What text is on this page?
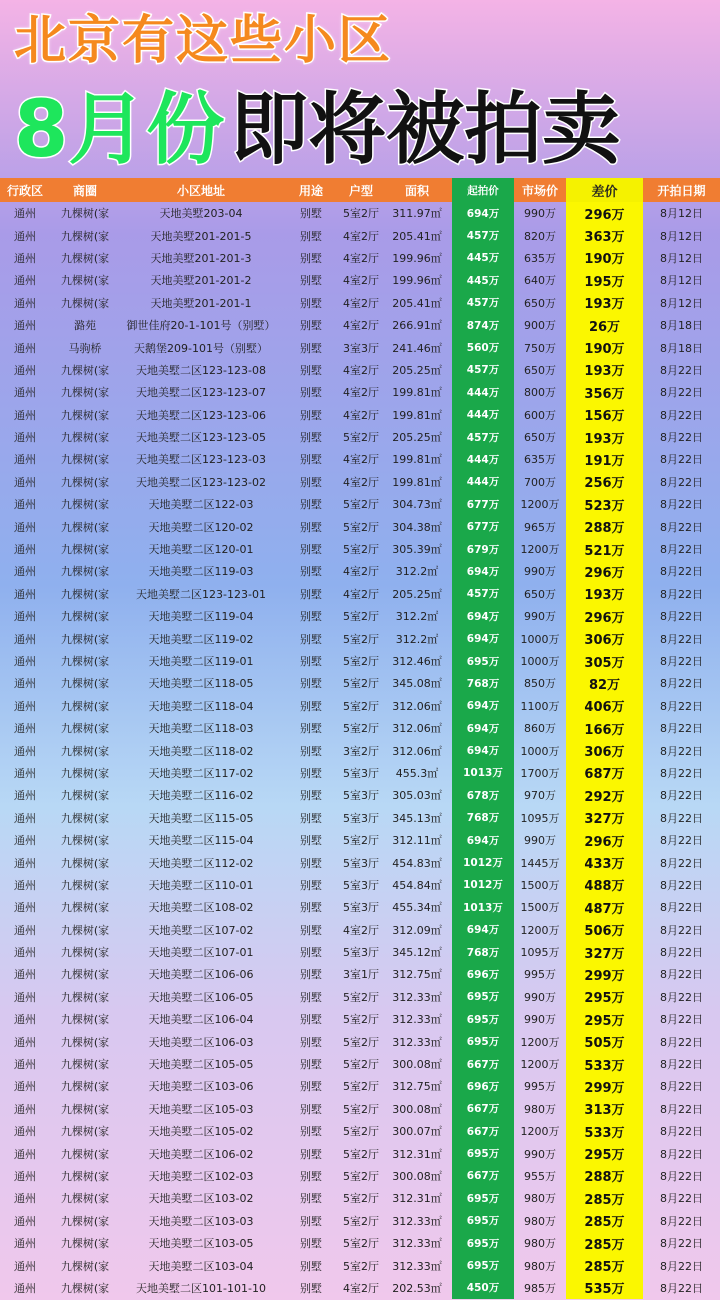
北京有这些小区
8月份 即将被拍卖
行政区	商圈	小区地址	用途	户型	面积	起拍价	市场价	差价	开拍日期
通州	九棵树(家	天地美墅203-04	别墅	5室2厅	311.97㎡	694万	990万	296万	8月12日
通州	九棵树(家	天地美墅201-201-5	别墅	4室2厅	205.41㎡	457万	820万	363万	8月12日
通州	九棵树(家	天地美墅201-201-3	别墅	4室2厅	199.96㎡	445万	635万	190万	8月12日
通州	九棵树(家	天地美墅201-201-2	别墅	4室2厅	199.96㎡	445万	640万	195万	8月12日
通州	九棵树(家	天地美墅201-201-1	别墅	4室2厅	205.41㎡	457万	650万	193万	8月12日
通州	潞苑	御世佳府20-1-101号（别墅）	别墅	4室2厅	266.91㎡	874万	900万	26万	8月18日
通州	马驹桥	天鹅堡209-101号（别墅）	别墅	3室3厅	241.46㎡	560万	750万	190万	8月18日
通州	九棵树(家	天地美墅二区123-123-08	别墅	4室2厅	205.25㎡	457万	650万	193万	8月22日
通州	九棵树(家	天地美墅二区123-123-07	别墅	4室2厅	199.81㎡	444万	800万	356万	8月22日
通州	九棵树(家	天地美墅二区123-123-06	别墅	4室2厅	199.81㎡	444万	600万	156万	8月22日
通州	九棵树(家	天地美墅二区123-123-05	别墅	5室2厅	205.25㎡	457万	650万	193万	8月22日
通州	九棵树(家	天地美墅二区123-123-03	别墅	4室2厅	199.81㎡	444万	635万	191万	8月22日
通州	九棵树(家	天地美墅二区123-123-02	别墅	4室2厅	199.81㎡	444万	700万	256万	8月22日
通州	九棵树(家	天地美墅二区122-03	别墅	5室2厅	304.73㎡	677万	1200万	523万	8月22日
通州	九棵树(家	天地美墅二区120-02	别墅	5室2厅	304.38㎡	677万	965万	288万	8月22日
通州	九棵树(家	天地美墅二区120-01	别墅	5室2厅	305.39㎡	679万	1200万	521万	8月22日
通州	九棵树(家	天地美墅二区119-03	别墅	4室2厅	312.2㎡	694万	990万	296万	8月22日
通州	九棵树(家	天地美墅二区123-123-01	别墅	4室2厅	205.25㎡	457万	650万	193万	8月22日
通州	九棵树(家	天地美墅二区119-04	别墅	5室2厅	312.2㎡	694万	990万	296万	8月22日
通州	九棵树(家	天地美墅二区119-02	别墅	5室2厅	312.2㎡	694万	1000万	306万	8月22日
通州	九棵树(家	天地美墅二区119-01	别墅	5室2厅	312.46㎡	695万	1000万	305万	8月22日
通州	九棵树(家	天地美墅二区118-05	别墅	5室2厅	345.08㎡	768万	850万	82万	8月22日
通州	九棵树(家	天地美墅二区118-04	别墅	5室2厅	312.06㎡	694万	1100万	406万	8月22日
通州	九棵树(家	天地美墅二区118-03	别墅	5室2厅	312.06㎡	694万	860万	166万	8月22日
通州	九棵树(家	天地美墅二区118-02	别墅	3室2厅	312.06㎡	694万	1000万	306万	8月22日
通州	九棵树(家	天地美墅二区117-02	别墅	5室3厅	455.3㎡	1013万	1700万	687万	8月22日
通州	九棵树(家	天地美墅二区116-02	别墅	5室3厅	305.03㎡	678万	970万	292万	8月22日
通州	九棵树(家	天地美墅二区115-05	别墅	5室3厅	345.13㎡	768万	1095万	327万	8月22日
通州	九棵树(家	天地美墅二区115-04	别墅	5室2厅	312.11㎡	694万	990万	296万	8月22日
通州	九棵树(家	天地美墅二区112-02	别墅	5室3厅	454.83㎡	1012万	1445万	433万	8月22日
通州	九棵树(家	天地美墅二区110-01	别墅	5室3厅	454.84㎡	1012万	1500万	488万	8月22日
通州	九棵树(家	天地美墅二区108-02	别墅	5室3厅	455.34㎡	1013万	1500万	487万	8月22日
通州	九棵树(家	天地美墅二区107-02	别墅	4室2厅	312.09㎡	694万	1200万	506万	8月22日
通州	九棵树(家	天地美墅二区107-01	别墅	5室3厅	345.12㎡	768万	1095万	327万	8月22日
通州	九棵树(家	天地美墅二区106-06	别墅	3室1厅	312.75㎡	696万	995万	299万	8月22日
通州	九棵树(家	天地美墅二区106-05	别墅	5室2厅	312.33㎡	695万	990万	295万	8月22日
通州	九棵树(家	天地美墅二区106-04	别墅	5室2厅	312.33㎡	695万	990万	295万	8月22日
通州	九棵树(家	天地美墅二区106-03	别墅	5室2厅	312.33㎡	695万	1200万	505万	8月22日
通州	九棵树(家	天地美墅二区105-05	别墅	5室2厅	300.08㎡	667万	1200万	533万	8月22日
通州	九棵树(家	天地美墅二区103-06	别墅	5室2厅	312.75㎡	696万	995万	299万	8月22日
通州	九棵树(家	天地美墅二区105-03	别墅	5室2厅	300.08㎡	667万	980万	313万	8月22日
通州	九棵树(家	天地美墅二区105-02	别墅	5室2厅	300.07㎡	667万	1200万	533万	8月22日
通州	九棵树(家	天地美墅二区106-02	别墅	5室2厅	312.31㎡	695万	990万	295万	8月22日
通州	九棵树(家	天地美墅二区102-03	别墅	5室2厅	300.08㎡	667万	955万	288万	8月22日
通州	九棵树(家	天地美墅二区103-02	别墅	5室2厅	312.31㎡	695万	980万	285万	8月22日
通州	九棵树(家	天地美墅二区103-03	别墅	5室2厅	312.33㎡	695万	980万	285万	8月22日
通州	九棵树(家	天地美墅二区103-05	别墅	5室2厅	312.33㎡	695万	980万	285万	8月22日
通州	九棵树(家	天地美墅二区103-04	别墅	5室2厅	312.33㎡	695万	980万	285万	8月22日
通州	九棵树(家	天地美墅二区101-101-10	别墅	4室2厅	202.53㎡	450万	985万	535万	8月22日
